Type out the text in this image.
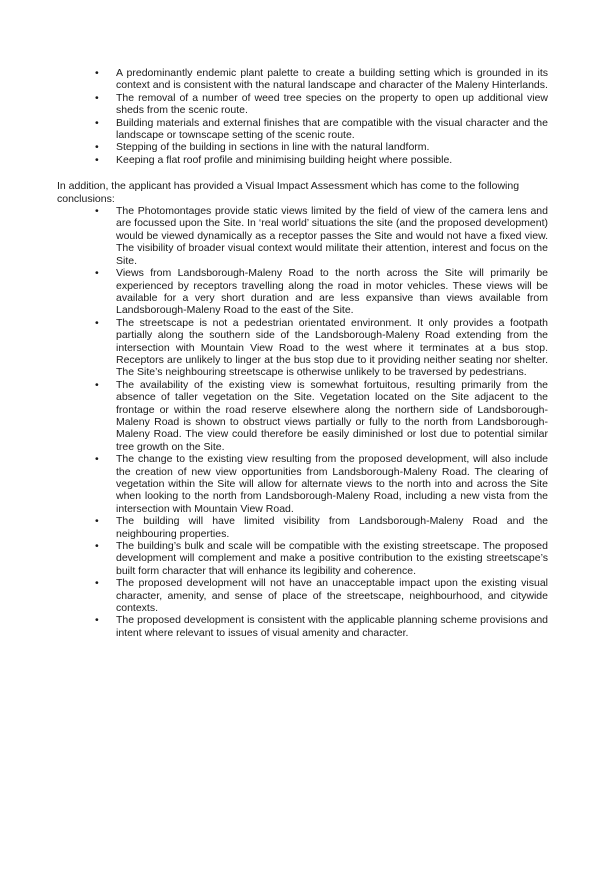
• A predominantly endemic plant palette to create a building setting which is grounded in its context and is consistent with the natural landscape and character of the Maleny Hinterlands.
• The removal of a number of weed tree species on the property to open up additional view sheds from the scenic route.
• Building materials and external finishes that are compatible with the visual character and the landscape or townscape setting of the scenic route.
• Stepping of the building in sections in line with the natural landform.
• Keeping a flat roof profile and minimising building height where possible.

In addition, the applicant has provided a Visual Impact Assessment which has come to the following conclusions:

• The Photomontages provide static views limited by the field of view of the camera lens and are focussed upon the Site. In ‘real world’ situations the site (and the proposed development) would be viewed dynamically as a receptor passes the Site and would not have a fixed view. The visibility of broader visual context would militate their attention, interest and focus on the Site.
• Views from Landsborough-Maleny Road to the north across the Site will primarily be experienced by receptors travelling along the road in motor vehicles. These views will be available for a very short duration and are less expansive than views available from Landsborough-Maleny Road to the east of the Site.
• The streetscape is not a pedestrian orientated environment. It only provides a footpath partially along the southern side of the Landsborough-Maleny Road extending from the intersection with Mountain View Road to the west where it terminates at a bus stop. Receptors are unlikely to linger at the bus stop due to it providing neither seating nor shelter. The Site’s neighbouring streetscape is otherwise unlikely to be traversed by pedestrians.
• The availability of the existing view is somewhat fortuitous, resulting primarily from the absence of taller vegetation on the Site. Vegetation located on the Site adjacent to the frontage or within the road reserve elsewhere along the northern side of Landsborough-Maleny Road is shown to obstruct views partially or fully to the north from Landsborough-Maleny Road. The view could therefore be easily diminished or lost due to potential similar tree growth on the Site.
• The change to the existing view resulting from the proposed development, will also include the creation of new view opportunities from Landsborough-Maleny Road. The clearing of vegetation within the Site will allow for alternate views to the north into and across the Site when looking to the north from Landsborough-Maleny Road, including a new vista from the intersection with Mountain View Road.
• The building will have limited visibility from Landsborough-Maleny Road and the neighbouring properties.
• The building’s bulk and scale will be compatible with the existing streetscape. The proposed development will complement and make a positive contribution to the existing streetscape’s built form character that will enhance its legibility and coherence.
• The proposed development will not have an unacceptable impact upon the existing visual character, amenity, and sense of place of the streetscape, neighbourhood, and citywide contexts.
• The proposed development is consistent with the applicable planning scheme provisions and intent where relevant to issues of visual amenity and character.
